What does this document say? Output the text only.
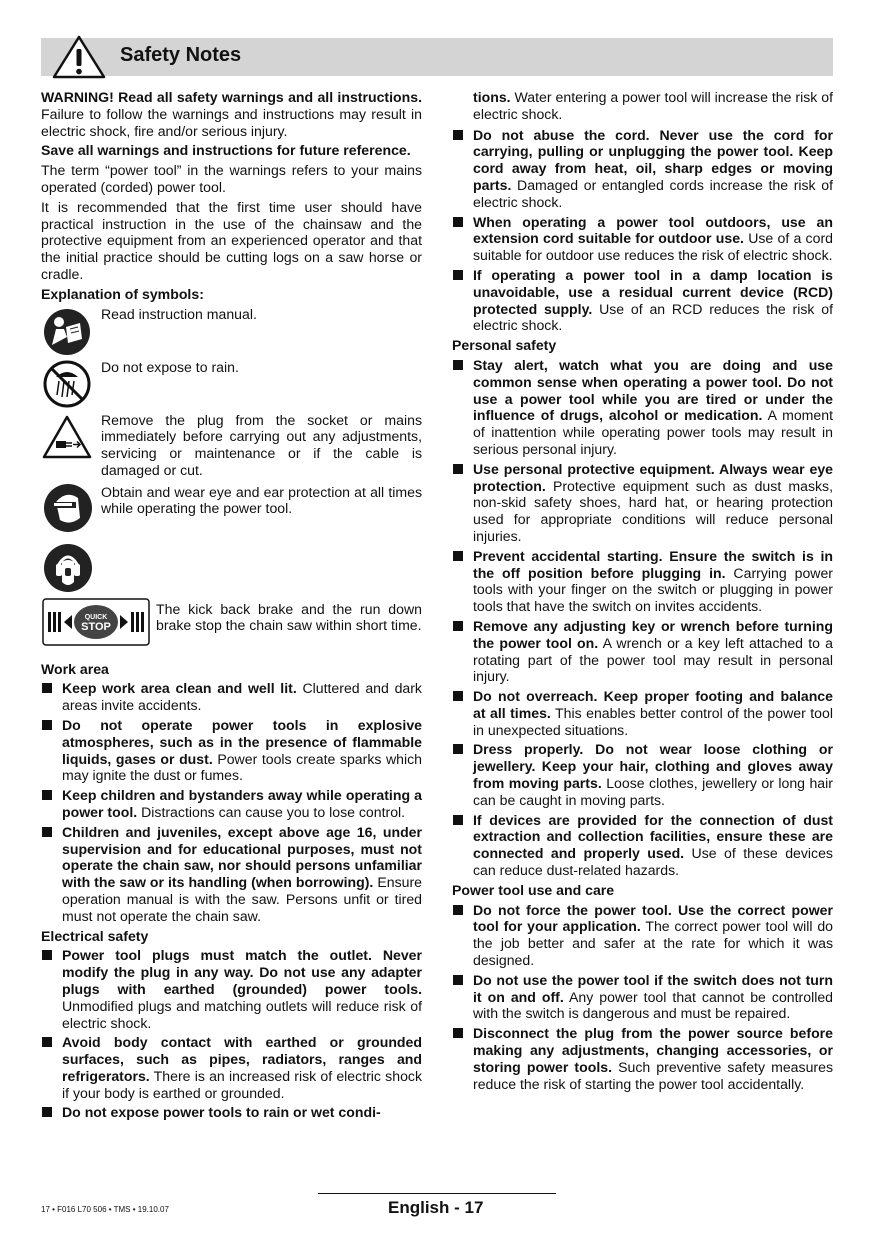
Safety Notes

WARNING! Read all safety warnings and all instructions. Failure to follow the warnings and instructions may result in electric shock, fire and/or serious injury.

Save all warnings and instructions for future reference.

The term “power tool” in the warnings refers to your mains operated (corded) power tool.

It is recommended that the first time user should have practical instruction in the use of the chainsaw and the protective equipment from an experienced operator and that the initial practice should be cutting logs on a saw horse or cradle.

Explanation of symbols:
Read instruction manual.
Do not expose to rain.
Remove the plug from the socket or mains immediately before carrying out any adjustments, servicing or maintenance or if the cable is damaged or cut.
Obtain and wear eye and ear protection at all times while operating the power tool.
QUICK
STOP
The kick back brake and the run down brake stop the chain saw within short time.
Work area
Keep work area clean and well lit. Cluttered and dark areas invite accidents.
Do not operate power tools in explosive atmospheres, such as in the presence of flammable liquids, gases or dust. Power tools create sparks which may ignite the dust or fumes.
Keep children and bystanders away while operating a power tool. Distractions can cause you to lose control.
Children and juveniles, except above age 16, under supervision and for educational purposes, must not operate the chain saw, nor should persons unfamiliar with the saw or its handling (when borrowing). Ensure operation manual is with the saw. Persons unfit or tired must not operate the chain saw.
Electrical safety
Power tool plugs must match the outlet. Never modify the plug in any way. Do not use any adapter plugs with earthed (grounded) power tools. Unmodified plugs and matching outlets will reduce risk of electric shock.
Avoid body contact with earthed or grounded surfaces, such as pipes, radiators, ranges and refrigerators. There is an increased risk of electric shock if your body is earthed or grounded.
Do not expose power tools to rain or wet condi-
tions. Water entering a power tool will increase the risk of electric shock.
Do not abuse the cord. Never use the cord for carrying, pulling or unplugging the power tool. Keep cord away from heat, oil, sharp edges or moving parts. Damaged or entangled cords increase the risk of electric shock.
When operating a power tool outdoors, use an extension cord suitable for outdoor use. Use of a cord suitable for outdoor use reduces the risk of electric shock.
If operating a power tool in a damp location is unavoidable, use a residual current device (RCD) protected supply. Use of an RCD reduces the risk of electric shock.
Personal safety
Stay alert, watch what you are doing and use common sense when operating a power tool. Do not use a power tool while you are tired or under the influence of drugs, alcohol or medication. A moment of inattention while operating power tools may result in serious personal injury.
Use personal protective equipment. Always wear eye protection. Protective equipment such as dust masks, non-skid safety shoes, hard hat, or hearing protection used for appropriate conditions will reduce personal injuries.
Prevent accidental starting. Ensure the switch is in the off position before plugging in. Carrying power tools with your finger on the switch or plugging in power tools that have the switch on invites accidents.
Remove any adjusting key or wrench before turning the power tool on. A wrench or a key left attached to a rotating part of the power tool may result in personal injury.
Do not overreach. Keep proper footing and balance at all times. This enables better control of the power tool in unexpected situations.
Dress properly. Do not wear loose clothing or jewellery. Keep your hair, clothing and gloves away from moving parts. Loose clothes, jewellery or long hair can be caught in moving parts.
If devices are provided for the connection of dust extraction and collection facilities, ensure these are connected and properly used. Use of these devices can reduce dust-related hazards.
Power tool use and care
Do not force the power tool. Use the correct power tool for your application. The correct power tool will do the job better and safer at the rate for which it was designed.
Do not use the power tool if the switch does not turn it on and off. Any power tool that cannot be controlled with the switch is dangerous and must be repaired.
Disconnect the plug from the power source before making any adjustments, changing accessories, or storing power tools. Such preventive safety measures reduce the risk of starting the power tool accidentally.
17 • F016 L70 506 • TMS • 19.10.07	English - 17
